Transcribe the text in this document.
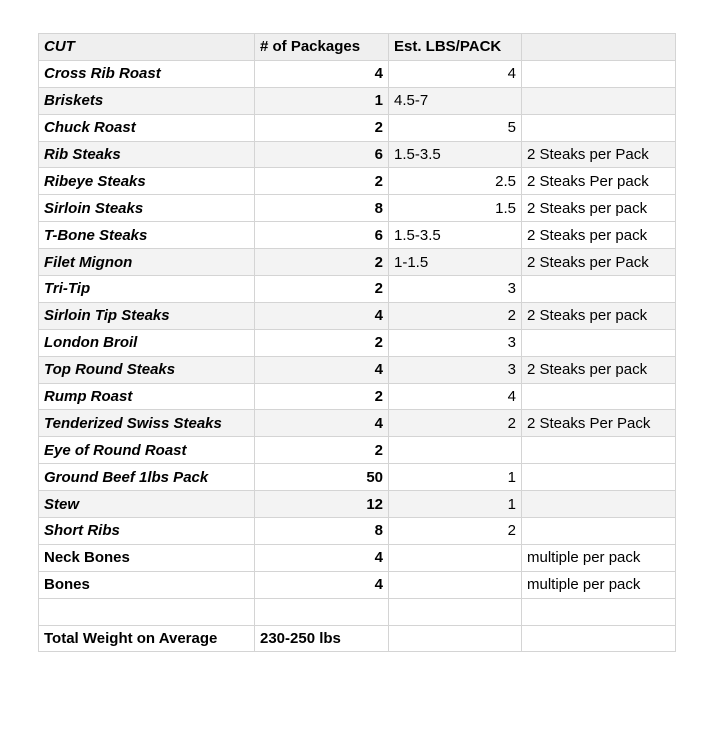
CUT	# of Packages	Est. LBS/PACK	
Cross Rib Roast	4	4	
Briskets	1	4.5-7	
Chuck Roast	2	5	
Rib Steaks	6	1.5-3.5	2 Steaks per Pack
Ribeye Steaks	2	2.5	2 Steaks Per pack
Sirloin Steaks	8	1.5	2 Steaks per pack
T-Bone Steaks	6	1.5-3.5	2 Steaks per pack
Filet Mignon	2	1-1.5	2 Steaks per Pack
Tri-Tip	2	3	
Sirloin Tip Steaks	4	2	2 Steaks per pack
London Broil	2	3	
Top Round Steaks	4	3	2 Steaks per pack
Rump Roast	2	4	
Tenderized Swiss Steaks	4	2	2 Steaks Per Pack
Eye of Round Roast	2		
Ground Beef 1lbs Pack	50	1	
Stew	12	1	
Short Ribs	8	2	
Neck Bones	4		multiple per pack
Bones	4		multiple per pack

Total Weight on Average	230-250 lbs		
